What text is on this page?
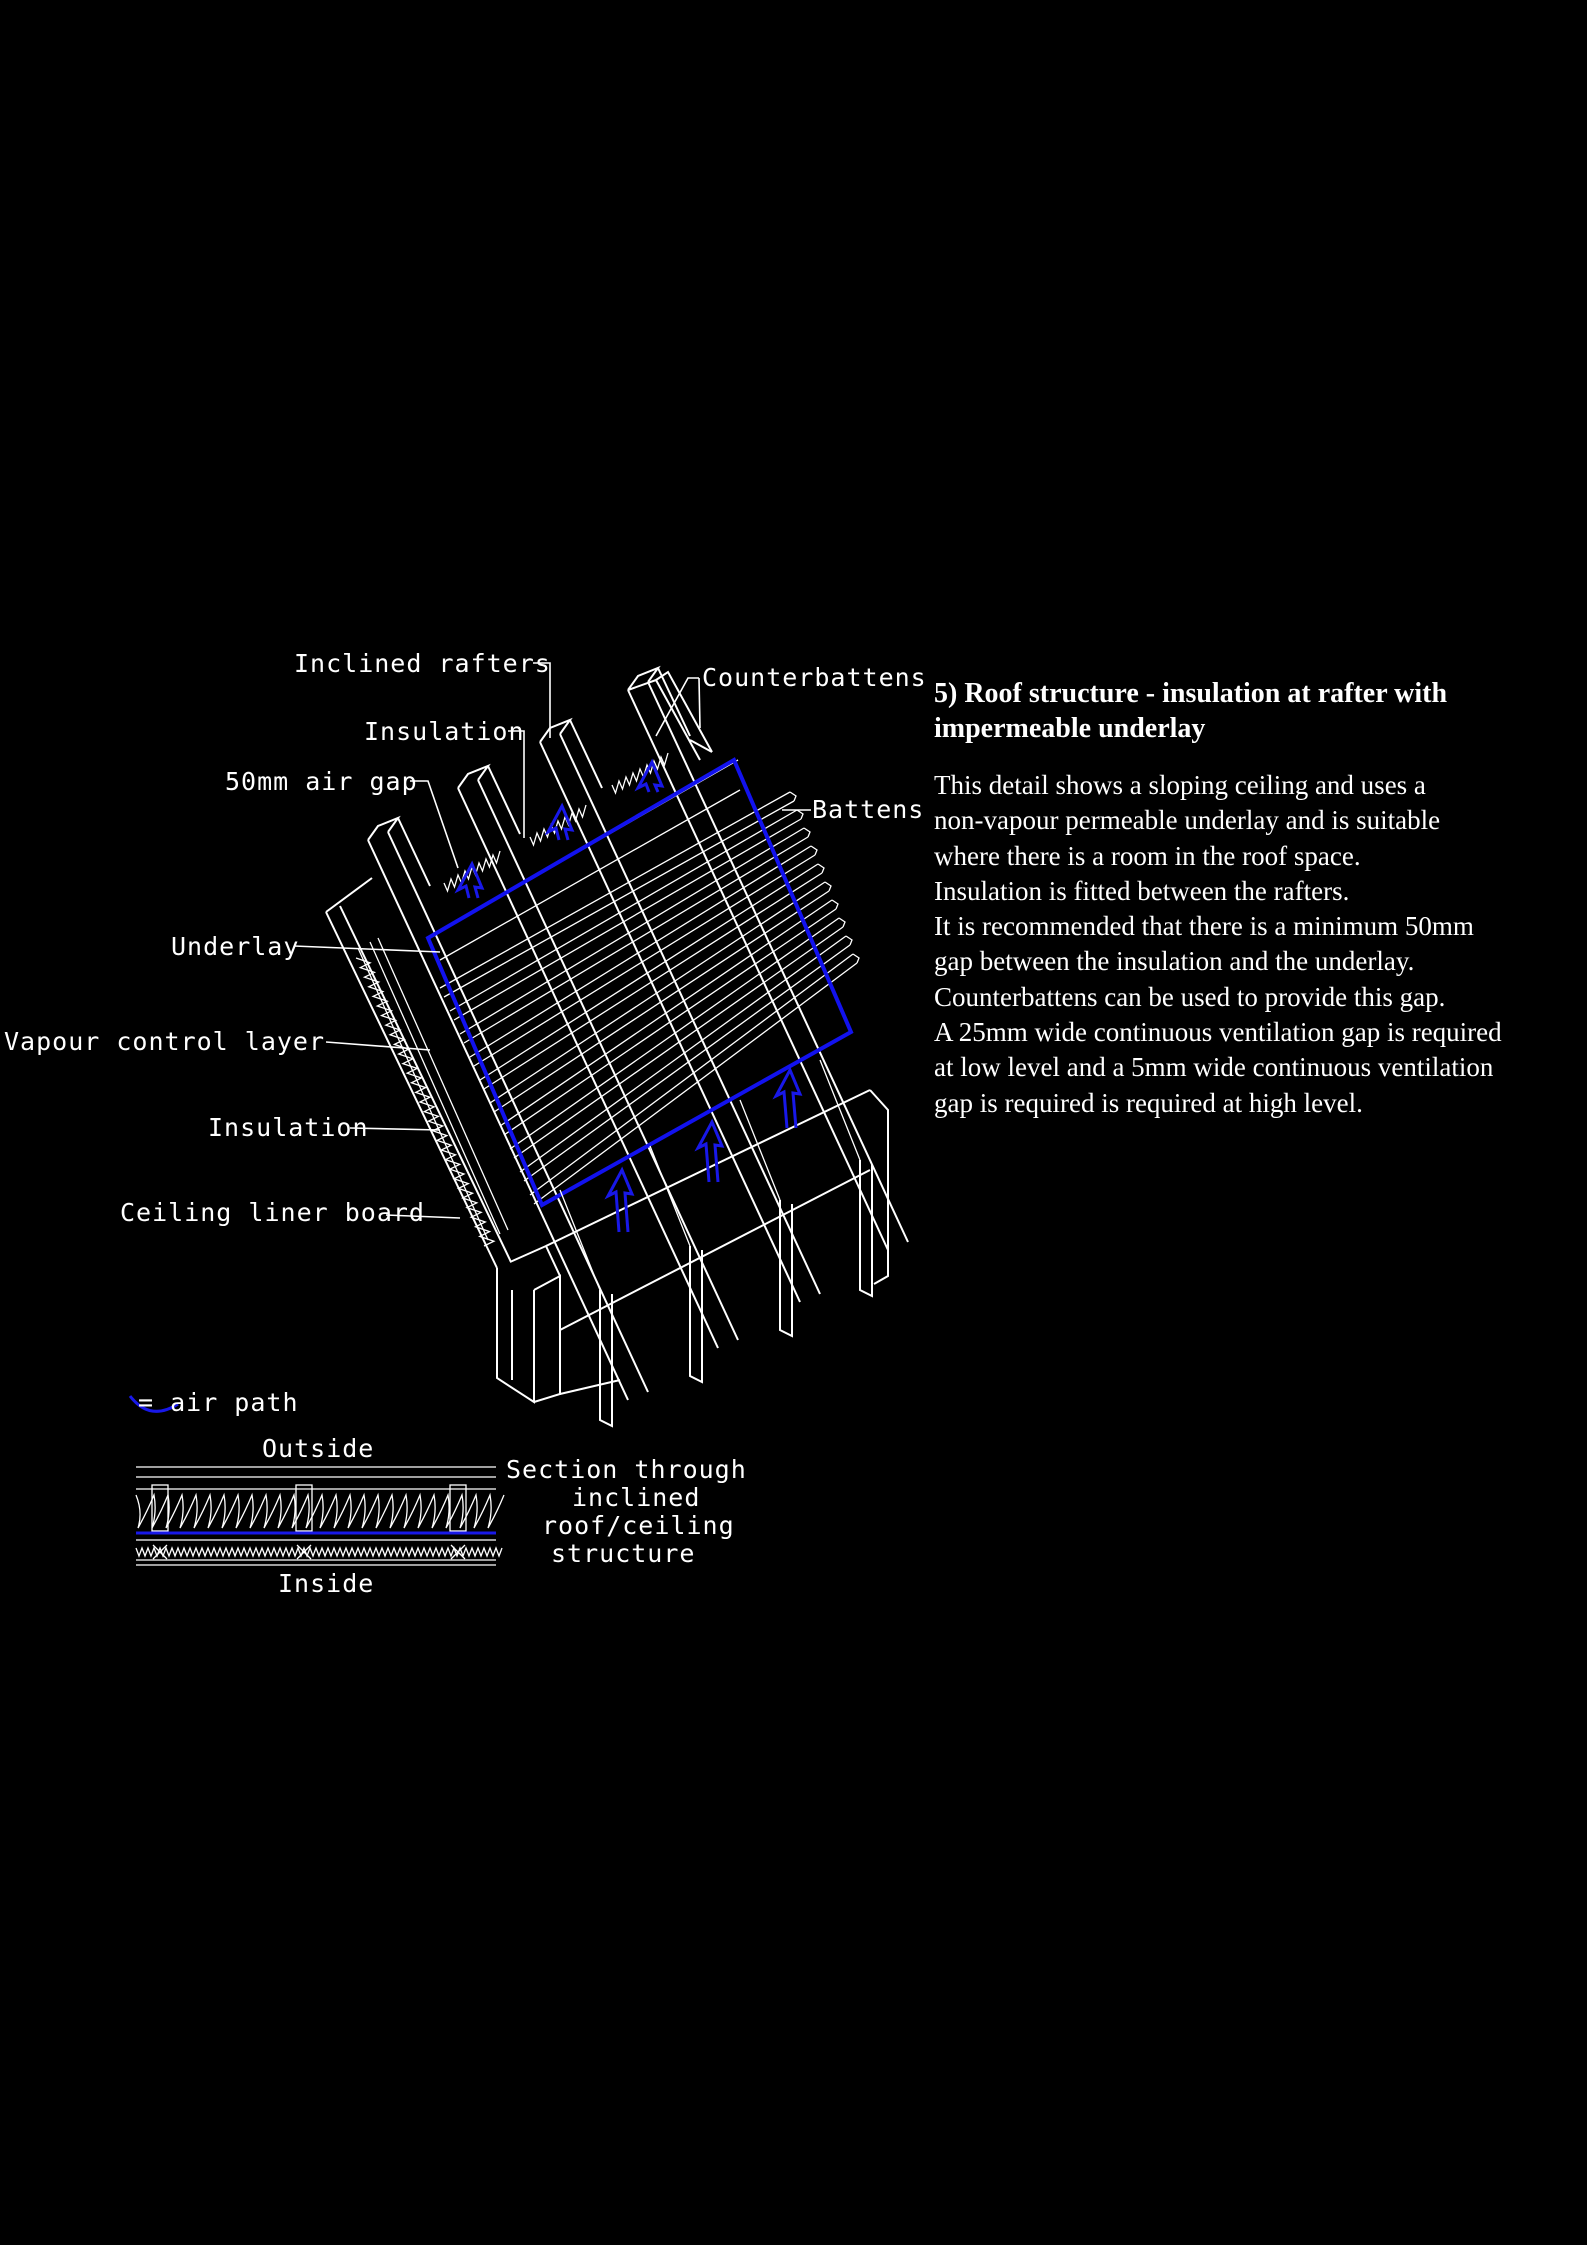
Inclined rafters
Insulation
50mm air gap
Counterbattens
Battens
Underlay
Vapour control layer
Insulation
Ceiling liner board
= air path
Outside
Inside
Section through
inclined
roof/ceiling
structure
5) Roof structure - insulation at rafter with
impermeable underlay

This detail shows a sloping ceiling and uses a

non-vapour permeable underlay and is suitable

where there is a room in the roof space.

Insulation is fitted between the rafters.

It is recommended that there is a minimum 50mm

gap between the insulation and the underlay.

Counterbattens can be used to provide this gap.

A 25mm wide continuous ventilation gap is required

at low level and a 5mm wide continuous ventilation

gap is required is required at high level.
